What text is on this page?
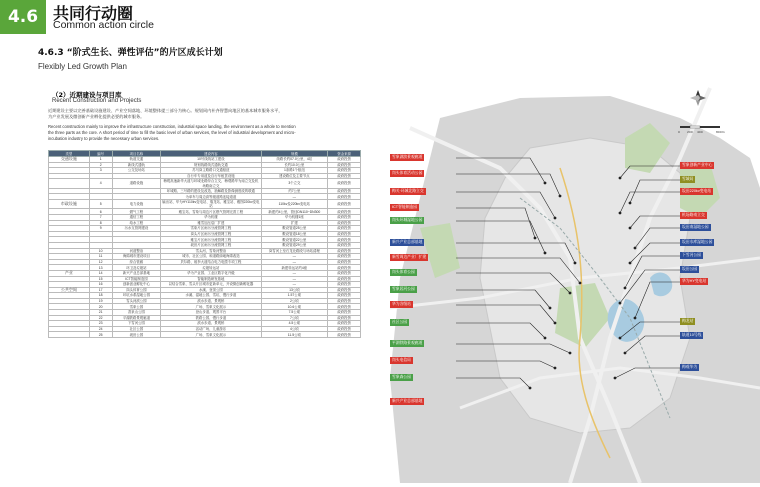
4.6 共同行动圈
Common action circle
4.6.3 “阶式生长、弹性评估”的片区成长计划
Flexibly Led Growth Plan
（2）近期建设与项目库
Recent Construction and Projects
近期建设主要以完善基础设施建设、产业空间落地、环境整体提三部分为核心。规划同内补齐智慧向地区的基本城市服务水平，
为产业发展及微创新产业孵化提供必要的城市服务。
Recent construction mainly to improve the infrastructure construction, industrial space landing, the environment as a whole to mention
the three parts as the core. A short period of time to fill the basic level of urban services, the level of industrial development and micro-
incubation industry to provide the necessary urban services.
类型	编号	项目名称	建设内容	规模	资金来源
交通设施	1	轨道交通	10号线线站工建设	线路长约07.0公里，4站	政府投资
	2	新线式通轨	规划线路线式通轨交通	长约10.0公里	政府投资
	3	公交及场站	苏马岗主路路口交通枢纽	1条路1个枢纽	政府投资
			自行车专用道及自行车租赁设施	建设路位及主要节点	政府投资
	4	道路设施	梅观高速新华大道与环城北路综合立交、梅观路华为南立交及机场路南立交	3个立交	政府投资
			环城路、三号路的建设及改造，抽解路及影像测度改的联通	约7公里	政府投资
			为单车与周边高等级道路连接道道	—	政府投资
市政设施	5	电力设施	输出站、华为HY110kv变电站、瑞龙站、雅宝站、雅图220kv变电站	110kv及220kv变电站	政府投资
	6	燃气工程	雅宝站、雪象与周边片区燃气管网完善工程	新建约4公里，管径DN110~DN300	政府投资
	7	通信工程	华为机楼	华为机楼1座	政府投资
	8	给水工程	雅雪加压泵厂扩建	扩建	政府投资
	9	污水支管网建设	雪象片区雨污分流管网工程	敷设管道25公里	政府投资
			岗头片区雨污分流管网工程	敷设管道18公里	政府投资
			雅宝片区雨污分流管网工程	敷设管道22公里	政府投资
			坂田片区雨污分流管网工程	敷设管道29公里	政府投资
	10	河道整治	雪头河、雪象河整治	岗雪河上至石龙北路段与场站清理	政府投资
	11	海绵城市建设项目	城市、社区公园、和道路绿地海绵改造	—	政府投资
	12	综合管廊	贝尔路、坂李大道结合电力电缆专项工程	—	政府投资
	13	环卫及垃圾站	垃圾转运站	新建转运站约4座	政府投资
产业	14	新兴产业总部基地	华为产业园、工业区数字化升级	—	政府投资
	15	ICT智能制造园	智能制造研发基地	—	政府投资
	16	创新创业孵化中心	以结合雪象、雪头片区城市更新单元，开设微创新孵化器	—	政府投资
公共空间	17	岗头体育公园	水溪、登顶公园	13公顷	政府投资
	18	环坑水系湿地公园	水溪、湿地公园、雪坑、慢行步道	1.57公顷	政府投资
	19	雪头河滨公园	滨水步道、景观桥	2公顷	政府投资
	20	雪象公园	广场、雪象文化展示	10.6公顷	政府投资
	21	香泉山公园	登山步道、观景平台	7.5公顷	政府投资
	22	平湖铁路景观廊道	铁路公园、慢行步道	7公顷	政府投资
	23	下雪河公园	滨水步道、景观桥	4.5公顷	政府投资
	24	社区公园	活动广场、儿童游乐	4公顷	政府投资
	25	坂田公园	广场、雪象文化展示	11.5公顷	政府投资
0 200 400	800m
雪象湖滨景观廊道
岗头体育活动公园
梅关·环城北路立交
ICT智能制造园
岗头环城湿地公园
新兴产业总部基地
新雪周边产业厂扩建
岗头体育公园
雪象居河公园
华为各级站
社区公园
平湖铁路景观廊道
岗头电信局
雪象森公园
雪象创新产业中心
雪域局
坂田220kv变电站
机场路南立交
坂田南湿地公园
坂田水库湿地公园
下雪河公园
坂田公园
华为HY变电站
梅龙站
轨道10号线
梅观华为
新兴产业总部基地
